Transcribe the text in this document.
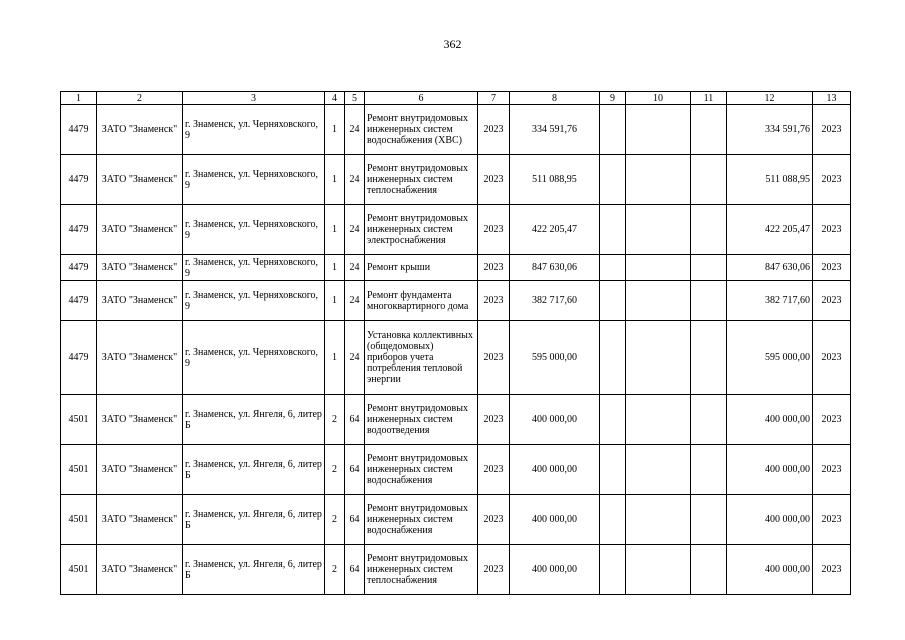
362
1	2	3	4	5	6	7	8	9	10	11	12	13
4479	ЗАТО "Знаменск"	г. Знаменск, ул. Черняховского, 9	1	24	Ремонт внутридомовых инженерных систем водоснабжения (ХВС)	2023	334 591,76				334 591,76	2023
4479	ЗАТО "Знаменск"	г. Знаменск, ул. Черняховского, 9	1	24	Ремонт внутридомовых инженерных систем теплоснабжения	2023	511 088,95				511 088,95	2023
4479	ЗАТО "Знаменск"	г. Знаменск, ул. Черняховского, 9	1	24	Ремонт внутридомовых инженерных систем электроснабжения	2023	422 205,47				422 205,47	2023
4479	ЗАТО "Знаменск"	г. Знаменск, ул. Черняховского, 9	1	24	Ремонт крыши	2023	847 630,06				847 630,06	2023
4479	ЗАТО "Знаменск"	г. Знаменск, ул. Черняховского, 9	1	24	Ремонт фундамента многоквартирного дома	2023	382 717,60				382 717,60	2023
4479	ЗАТО "Знаменск"	г. Знаменск, ул. Черняховского, 9	1	24	Установка коллективных (общедомовых) приборов учета потребления тепловой энергии	2023	595 000,00				595 000,00	2023
4501	ЗАТО "Знаменск"	г. Знаменск, ул. Янгеля, 6, литер Б	2	64	Ремонт внутридомовых инженерных систем водоотведения	2023	400 000,00				400 000,00	2023
4501	ЗАТО "Знаменск"	г. Знаменск, ул. Янгеля, 6, литер Б	2	64	Ремонт внутридомовых инженерных систем водоснабжения	2023	400 000,00				400 000,00	2023
4501	ЗАТО "Знаменск"	г. Знаменск, ул. Янгеля, 6, литер Б	2	64	Ремонт внутридомовых инженерных систем водоснабжения	2023	400 000,00				400 000,00	2023
4501	ЗАТО "Знаменск"	г. Знаменск, ул. Янгеля, 6, литер Б	2	64	Ремонт внутридомовых инженерных систем теплоснабжения	2023	400 000,00				400 000,00	2023
